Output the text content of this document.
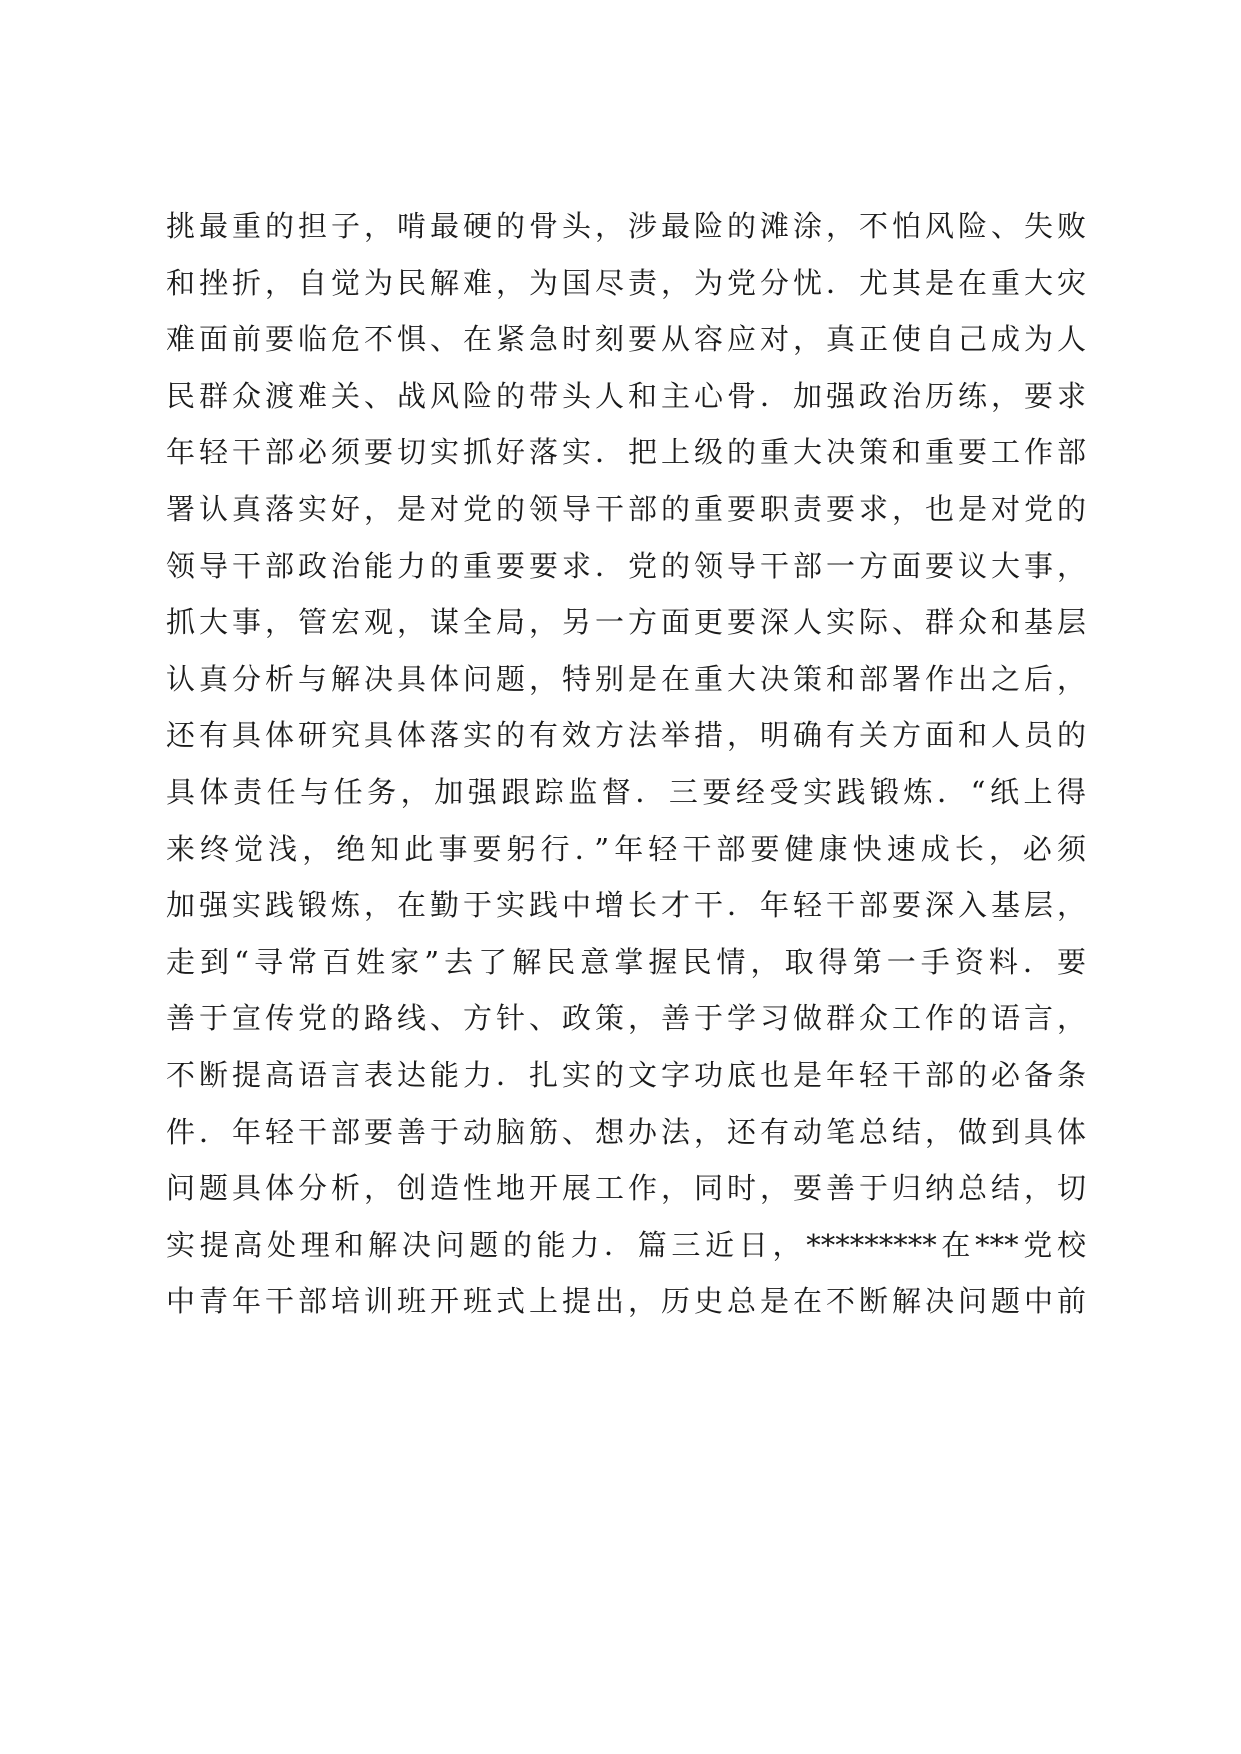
挑最重的担子，啃最硬的骨头，涉最险的滩涂，不怕风险、失败
和挫折，自觉为民解难，为国尽责，为党分忧．尤其是在重大灾
难面前要临危不惧、在紧急时刻要从容应对，真正使自己成为人
民群众渡难关、战风险的带头人和主心骨．加强政治历练，要求
年轻干部必须要切实抓好落实．把上级的重大决策和重要工作部
署认真落实好，是对党的领导干部的重要职责要求，也是对党的
领导干部政治能力的重要要求．党的领导干部一方面要议大事，
抓大事，管宏观，谋全局，另一方面更要深人实际、群众和基层
认真分析与解决具体问题，特别是在重大决策和部署作出之后，
还有具体研究具体落实的有效方法举措，明确有关方面和人员的
具体责任与任务，加强跟踪监督．三要经受实践锻炼．“纸上得
来终觉浅，绝知此事要躬行．”年轻干部要健康快速成长，必须
加强实践锻炼，在勤于实践中增长才干．年轻干部要深入基层，
走到“寻常百姓家”去了解民意掌握民情，取得第一手资料．要
善于宣传党的路线、方针、政策，善于学习做群众工作的语言，
不断提高语言表达能力．扎实的文字功底也是年轻干部的必备条
件．年轻干部要善于动脑筋、想办法，还有动笔总结，做到具体
问题具体分析，创造性地开展工作，同时，要善于归纳总结，切
实提高处理和解决问题的能力．篇三近日，*********在***党校
中青年干部培训班开班式上提出，历史总是在不断解决问题中前
